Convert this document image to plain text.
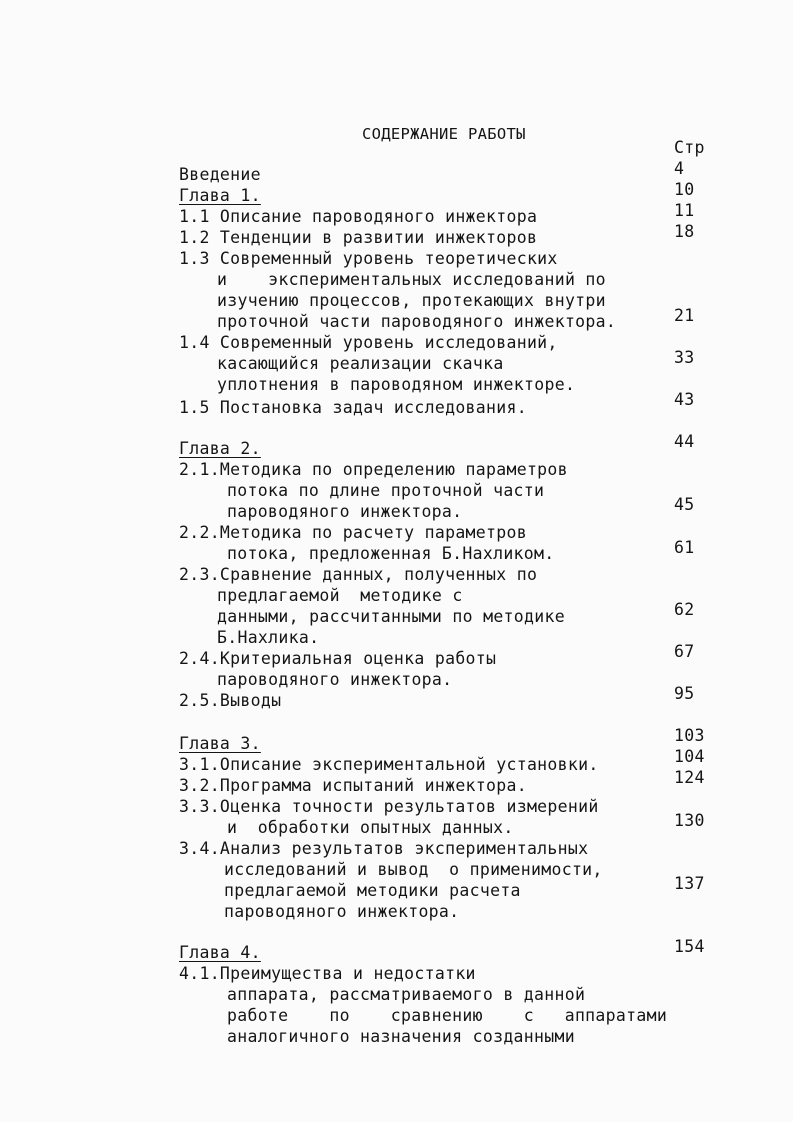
СОДЕРЖАНИЕ РАБОТЫ
Стр
Введение	4
Глава 1.	10
1.1 Описание пароводяного инжектора	11
1.2 Тенденции в развитии инжекторов	18
1.3 Современный уровень теоретических
и    экспериментальных исследований по
изучению процессов, протекающих внутри
проточной части пароводяного инжектора.	21
1.4 Современный уровень исследований,
касающийся реализации скачка	33
уплотнения в пароводяном инжекторе.
1.5 Постановка задач исследования.	43
Глава 2.	44
2.1.Методика по определению параметров
потока по длине проточной части
пароводяного инжектора.	45
2.2.Методика по расчету параметров
потока, предложенная Б.Нахликом.	61
2.3.Сравнение данных, полученных по
предлагаемой  методике с
данными, рассчитанными по методике	62
Б.Нахлика.
2.4.Критериальная оценка работы	67
пароводяного инжектора.
2.5.Выводы	95
Глава 3.	103
3.1.Описание экспериментальной установки.	104
3.2.Программа испытаний инжектора.	124
3.3.Оценка точности результатов измерений
и  обработки опытных данных.	130
3.4.Анализ результатов экспериментальных
исследований и вывод  о применимости,
предлагаемой методики расчета	137
пароводяного инжектора.
Глава 4.	154
4.1.Преимущества и недостатки
аппарата, рассматриваемого в данной
работе    по    сравнению    с   аппаратами
аналогичного назначения созданными
